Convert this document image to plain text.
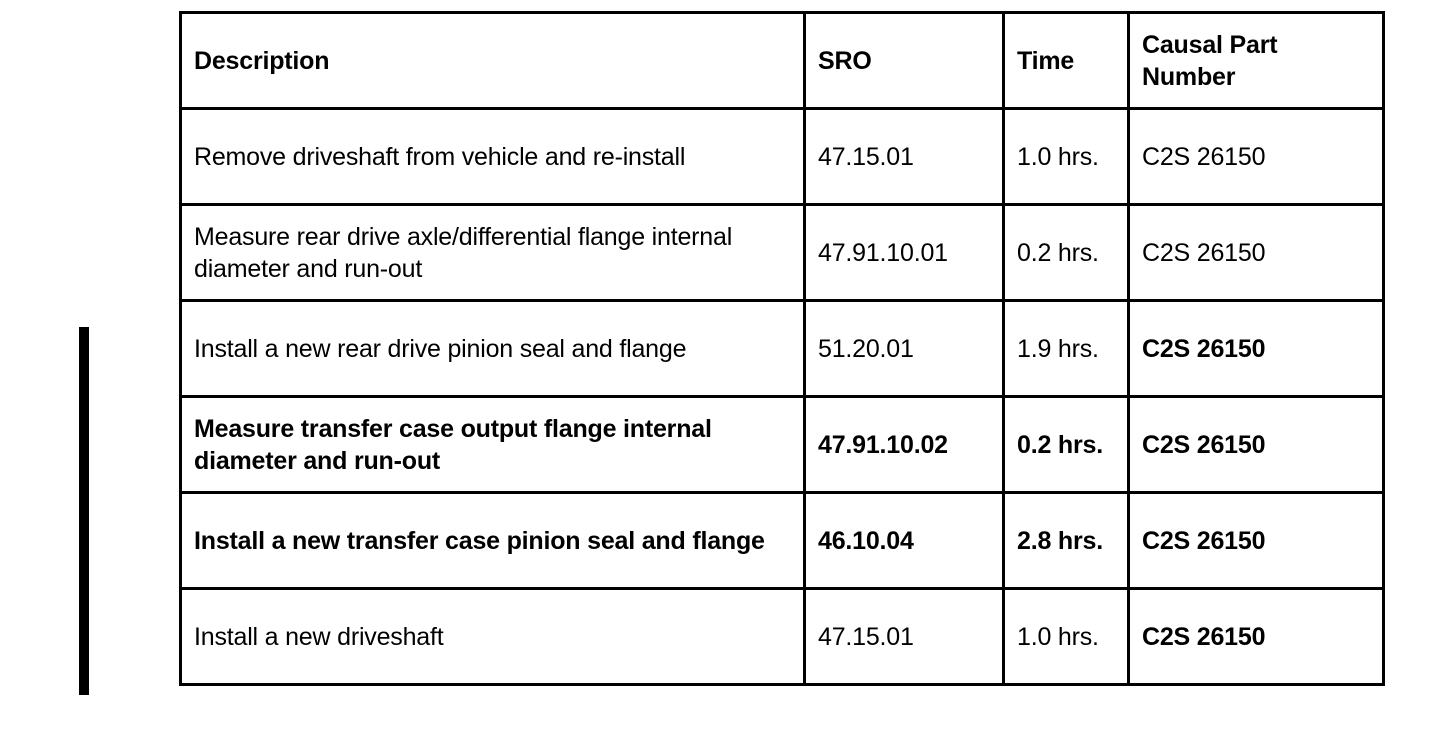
Description	SRO	Time	Causal Part Number
Remove driveshaft from vehicle and re-install	47.15.01	1.0 hrs.	C2S 26150
Measure rear drive axle/differential flange internal diameter and run-out	47.91.10.01	0.2 hrs.	C2S 26150
Install a new rear drive pinion seal and flange	51.20.01	1.9 hrs.	C2S 26150
Measure transfer case output flange internal diameter and run-out	47.91.10.02	0.2 hrs.	C2S 26150
Install a new transfer case pinion seal and flange	46.10.04	2.8 hrs.	C2S 26150
Install a new driveshaft	47.15.01	1.0 hrs.	C2S 26150
